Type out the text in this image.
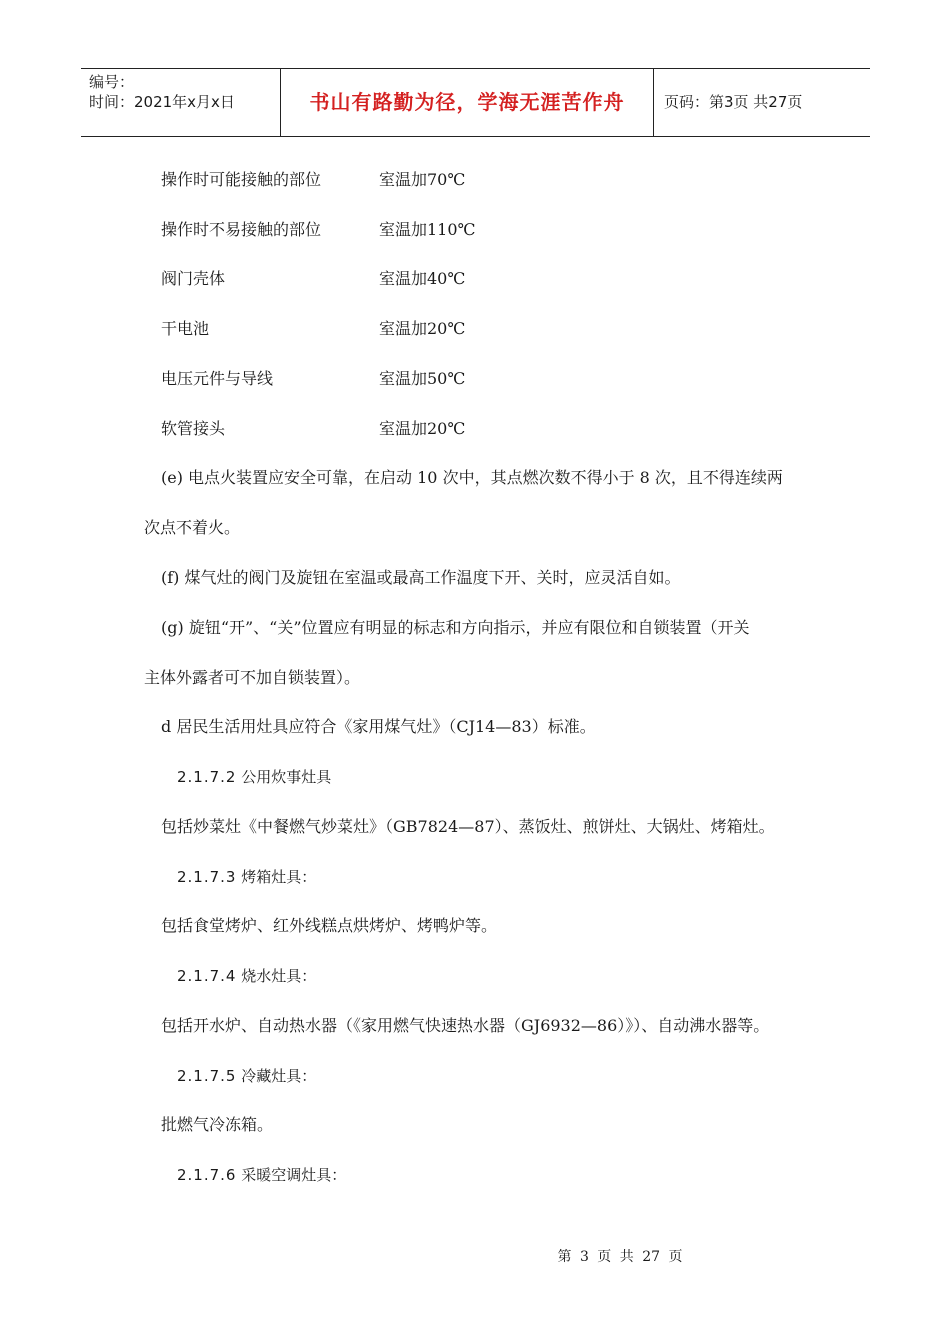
编号：
时间：2021年x月x日	书山有路勤为径，学海无涯苦作舟	页码：第3页 共27页
操作时可能接触的部位	室温加70℃
操作时不易接触的部位	室温加110℃
阀门壳体	室温加40℃
干电池	室温加20℃
电压元件与导线	室温加50℃
软管接头	室温加20℃
(e) 电点火装置应安全可靠，在启动 10 次中，其点燃次数不得小于 8 次，且不得连续两
次点不着火。
(f) 煤气灶的阀门及旋钮在室温或最高工作温度下开、关时，应灵活自如。
(g) 旋钮“开”、“关”位置应有明显的标志和方向指示，并应有限位和自锁装置（开关
主体外露者可不加自锁装置）。
d 居民生活用灶具应符合《家用煤气灶》（CJ14—83）标准。
2.1.7.2 公用炊事灶具
包括炒菜灶《中餐燃气炒菜灶》（GB7824—87）、蒸饭灶、煎饼灶、大锅灶、烤箱灶。
2.1.7.3 烤箱灶具：
包括食堂烤炉、红外线糕点烘烤炉、烤鸭炉等。
2.1.7.4 烧水灶具：
包括开水炉、自动热水器（《家用燃气快速热水器（GJ6932—86）》）、自动沸水器等。
2.1.7.5 冷藏灶具：
批燃气冷冻箱。
2.1.7.6 采暖空调灶具：
第 3 页 共 27 页
